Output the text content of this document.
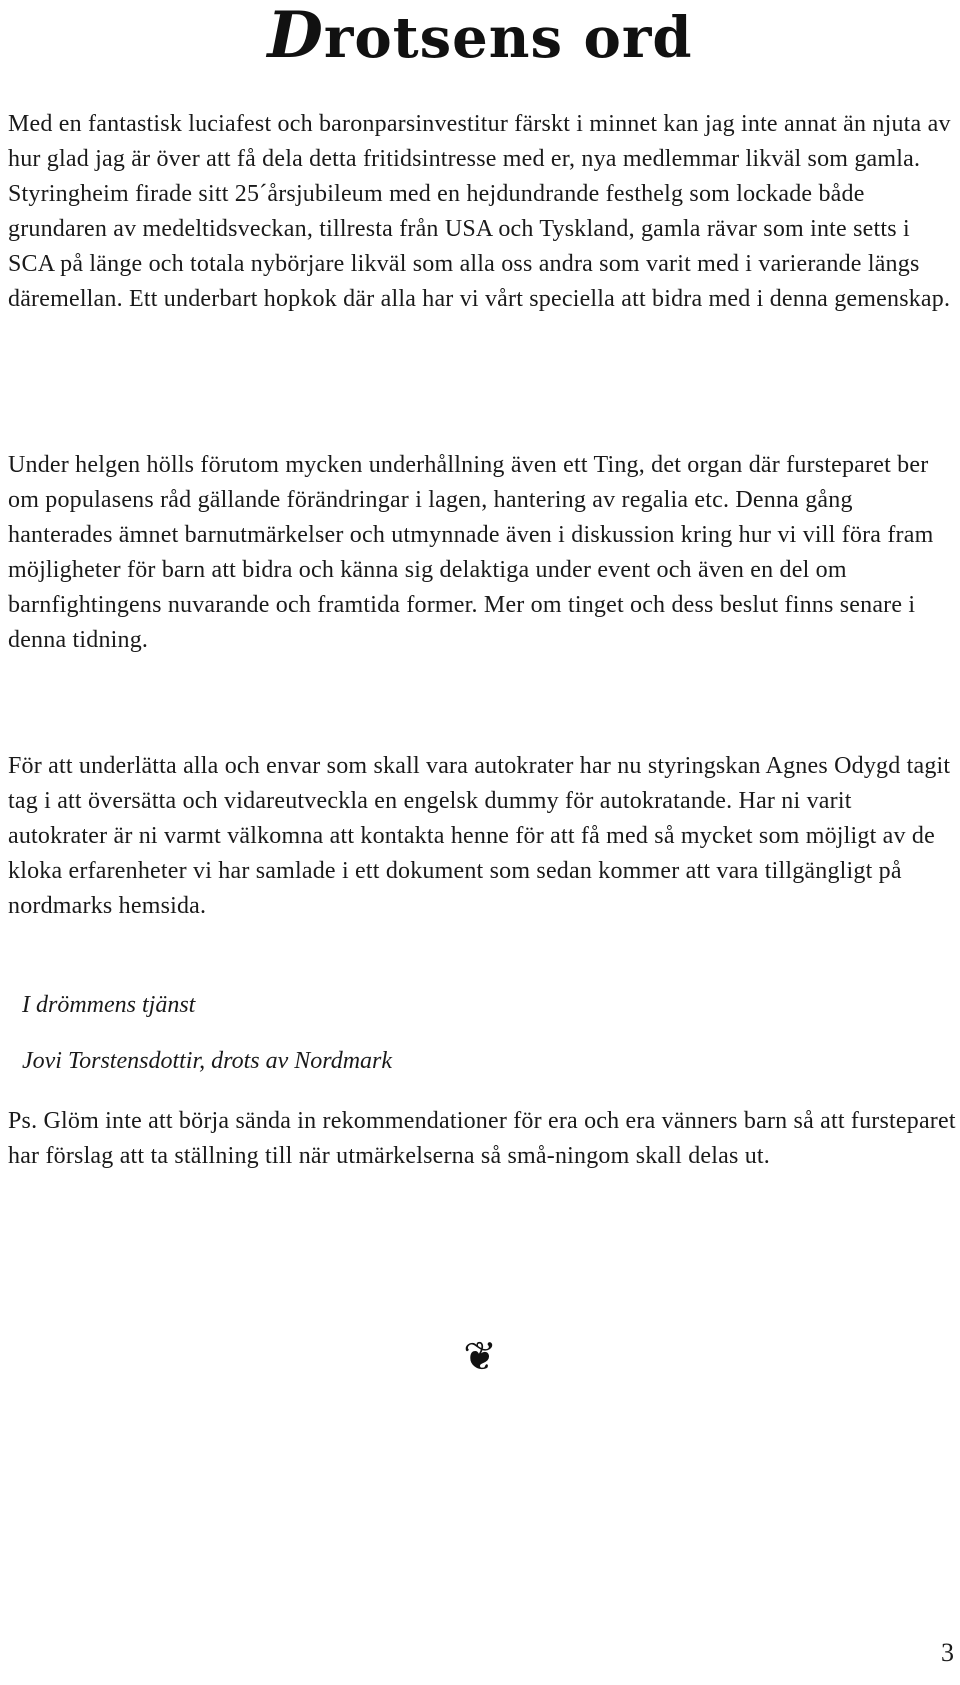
Drotsens ord

Med en fantastisk luciafest och baronparsinvestitur färskt i minnet kan jag inte annat än njuta av hur glad jag är över att få dela detta fritidsintresse med er, nya medlemmar likväl som gamla. Styringheim firade sitt 25´årsjubileum med en hejdundrande festhelg som lockade både grundaren av medeltidsveckan, tillresta från USA och Tyskland, gamla rävar som inte setts i SCA på länge och totala nybörjare likväl som alla oss andra som varit med i varierande längs däremellan. Ett underbart hopkok där alla har vi vårt speciella att bidra med i denna gemenskap.

Under helgen hölls förutom mycken underhållning även ett Ting, det organ där fursteparet ber om populasens råd gällande förändringar i lagen, hantering av regalia etc. Denna gång hanterades ämnet barnutmärkelser och utmynnade även i diskussion kring hur vi vill föra fram möjligheter för barn att bidra och känna sig delaktiga under event och även en del om barnfightingens nuvarande och framtida former. Mer om tinget och dess beslut finns senare i denna tidning.

För att underlätta alla och envar som skall vara autokrater har nu styringskan Agnes Odygd tagit tag i att översätta och vidareutveckla en engelsk dummy för autokratande. Har ni varit autokrater är ni varmt välkomna att kontakta henne för att få med så mycket som möjligt av de kloka erfarenheter vi har samlade i ett dokument som sedan kommer att vara tillgängligt på nordmarks hemsida.

I drömmens tjänst

Jovi Torstensdottir, drots av Nordmark

Ps. Glöm inte att börja sända in rekommendationer för era och era vänners barn så att fursteparet har förslag att ta ställning till när utmärkelserna så små-ningom skall delas ut.

❦
3
